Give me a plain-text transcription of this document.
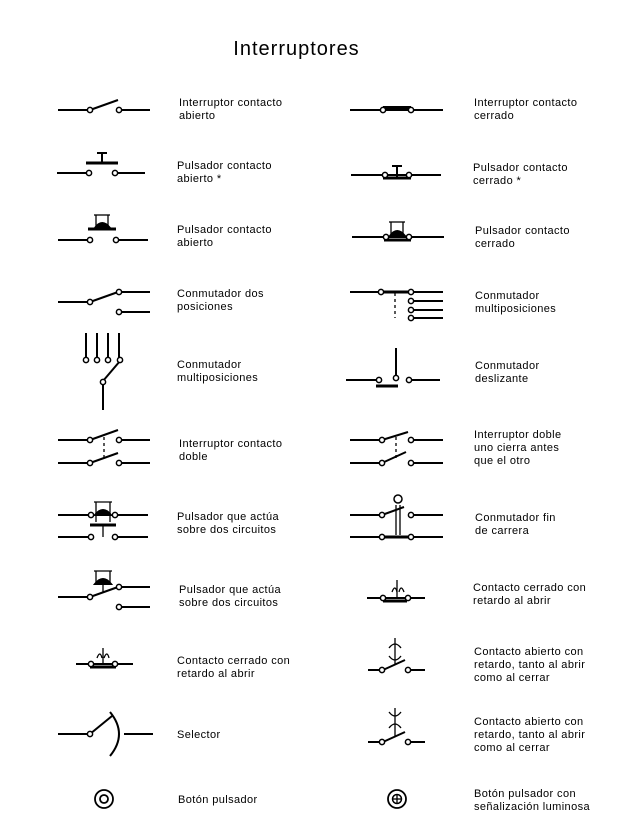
Interruptores
Interruptor contacto
abierto
Pulsador contacto
abierto *
Pulsador contacto
abierto
Conmutador dos
posiciones
Conmutador
multiposiciones
Interruptor contacto
doble
Pulsador que actúa
sobre dos circuitos
Pulsador que actúa
sobre dos circuitos
Contacto cerrado con
retardo al abrir
Selector
Botón pulsador
Interruptor contacto
cerrado
Pulsador contacto
cerrado *
Pulsador contacto
cerrado
Conmutador
multiposiciones
Conmutador
deslizante
Interruptor doble
uno cierra antes
que el otro
Conmutador fin
de carrera
Contacto cerrado con
retardo al abrir
Contacto abierto con
retardo, tanto al abrir
como al cerrar
Contacto abierto con
retardo, tanto al abrir
como al cerrar
Botón pulsador con
señalización luminosa
